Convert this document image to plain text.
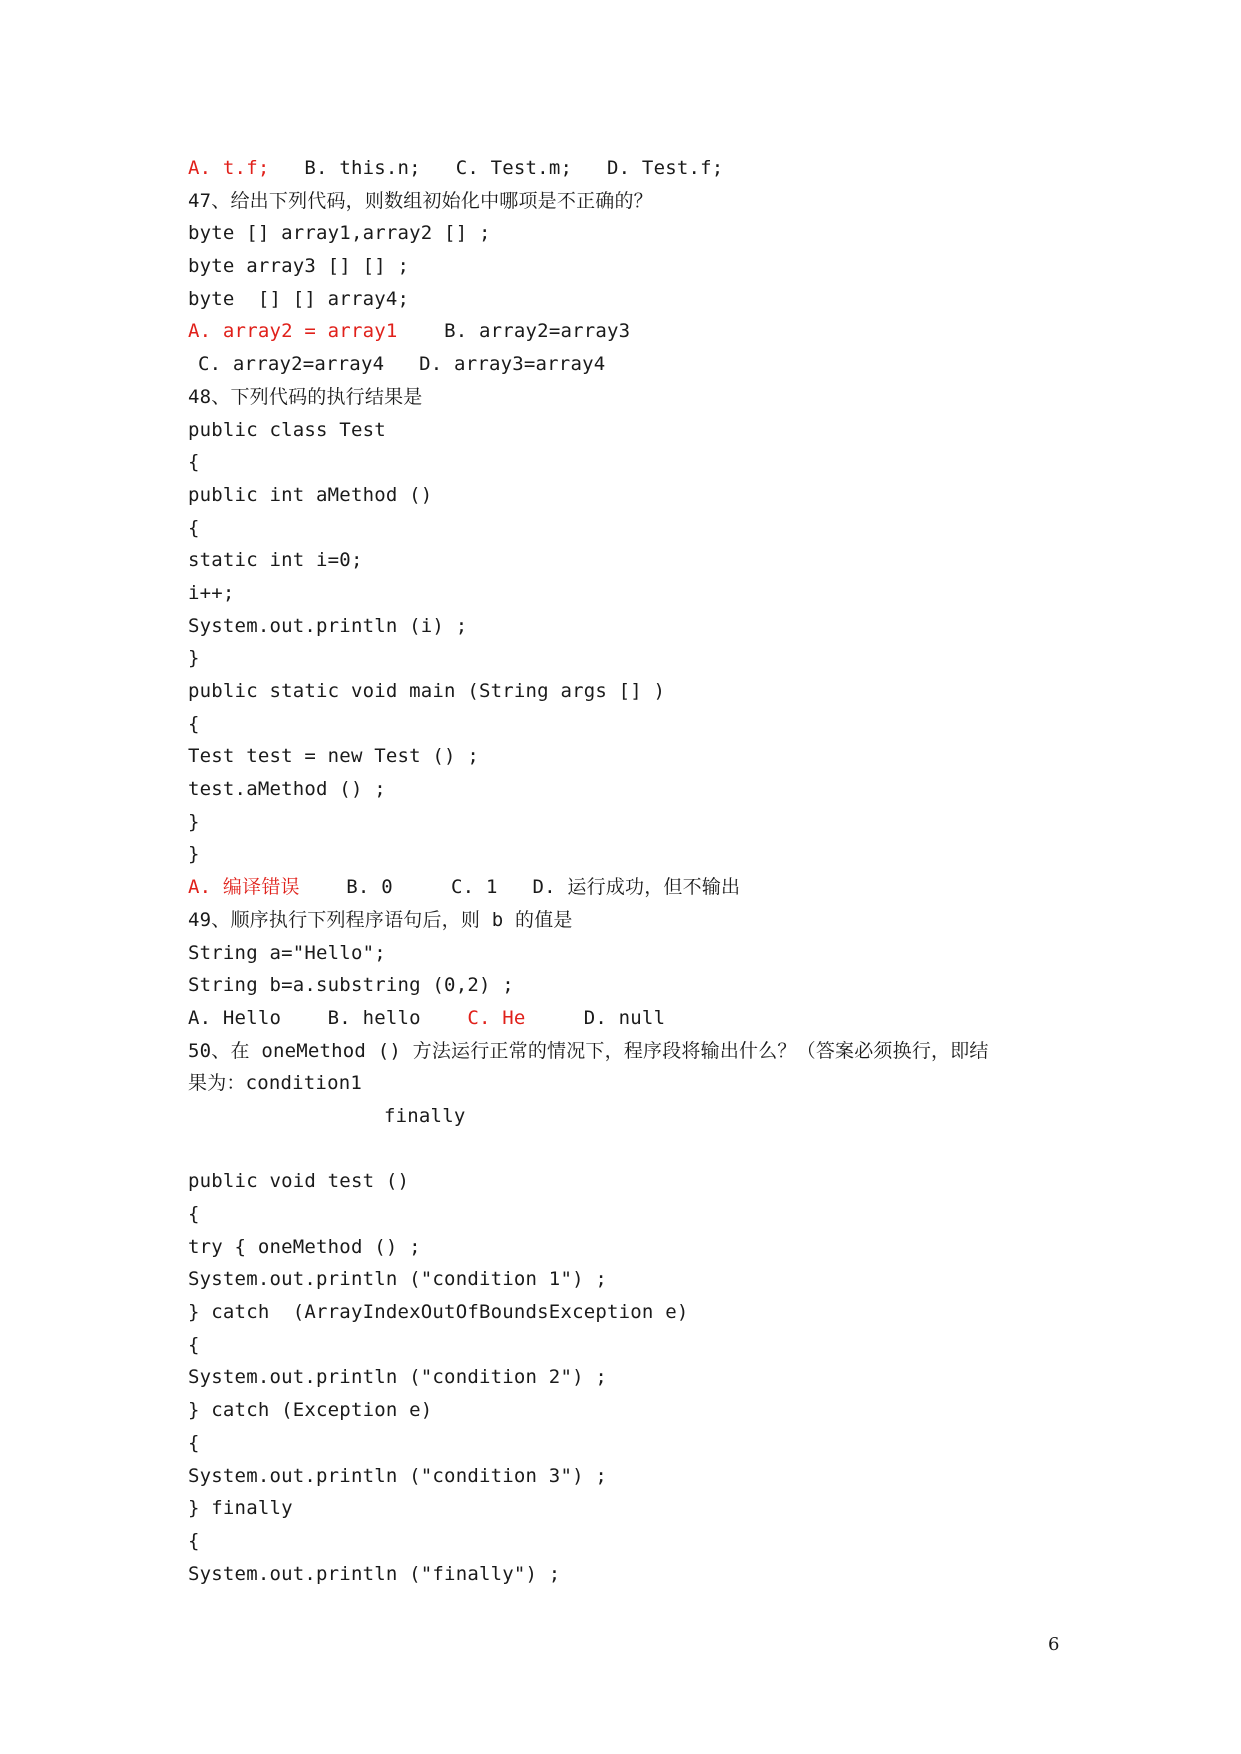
A. t.f;   B. this.n;   C. Test.m;   D. Test.f;
47、给出下列代码，则数组初始化中哪项是不正确的？
byte [] array1,array2 [] ;
byte array3 [] [] ;
byte  [] [] array4;
A. array2 = array1    B. array2=array3
C. array2=array4   D. array3=array4
48、下列代码的执行结果是
public class Test
{
public int aMethod ()
{
static int i=0;
i++;
System.out.println (i) ;
}
public static void main (String args [] )
{
Test test = new Test () ;
test.aMethod () ;
}
}
A. 编译错误    B. 0     C. 1   D. 运行成功，但不输出
49、顺序执行下列程序语句后，则 b 的值是
String a="Hello";
String b=a.substring (0,2) ;
A. Hello    B. hello    C. He     D. null
50、在 oneMethod () 方法运行正常的情况下，程序段将输出什么？（答案必须换行，即结
果为：condition1
finally
public void test ()
{
try { oneMethod () ;
System.out.println ("condition 1") ;
} catch  (ArrayIndexOutOfBoundsException e)
{
System.out.println ("condition 2") ;
} catch (Exception e)
{
System.out.println ("condition 3") ;
} finally
{
System.out.println ("finally") ;
6
